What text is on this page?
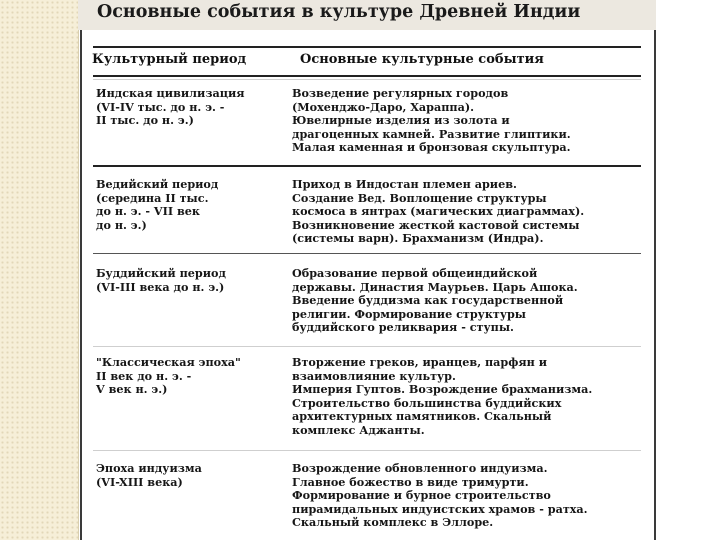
Основные события в культуре Древней Индии
Культурный период	Основные культурные события
Индская цивилизация
(VI-IV тыс. до н. э. -
II тыс. до н. э.)
Возведение регулярных городов
(Мохенджо-Даро, Хараппа).
Ювелирные изделия из золота и
драгоценных камней. Развитие глиптики.
Малая каменная и бронзовая скульптура.
Ведийский период
(середина II тыс.
до н. э. - VII век
до н. э.)
Приход в Индостан племен ариев.
Создание Вед. Воплощение структуры
космоса в янтрах (магических диаграммах).
Возникновение жесткой кастовой системы
(системы варн). Брахманизм (Индра).
Буддийский период
(VI-III века до н. э.)
Образование первой общеиндийской
державы. Династия Маурьев. Царь Ашока.
Введение буддизма как государственной
религии. Формирование структуры
буддийского реликвария - ступы.
"Классическая эпоха"
II век до н. э. -
V век н. э.)
Вторжение греков, иранцев, парфян и
взаимовлияние культур.
Империя Гуптов. Возрождение брахманизма.
Строительство большинства буддийских
архитектурных памятников. Скальный
комплекс Аджанты.
Эпоха индуизма
(VI-XIII века)
Возрождение обновленного индуизма.
Главное божество в виде тримурти.
Формирование и бурное строительство
пирамидальных индуистских храмов - ратха.
Скальный комплекс в Эллоре.
